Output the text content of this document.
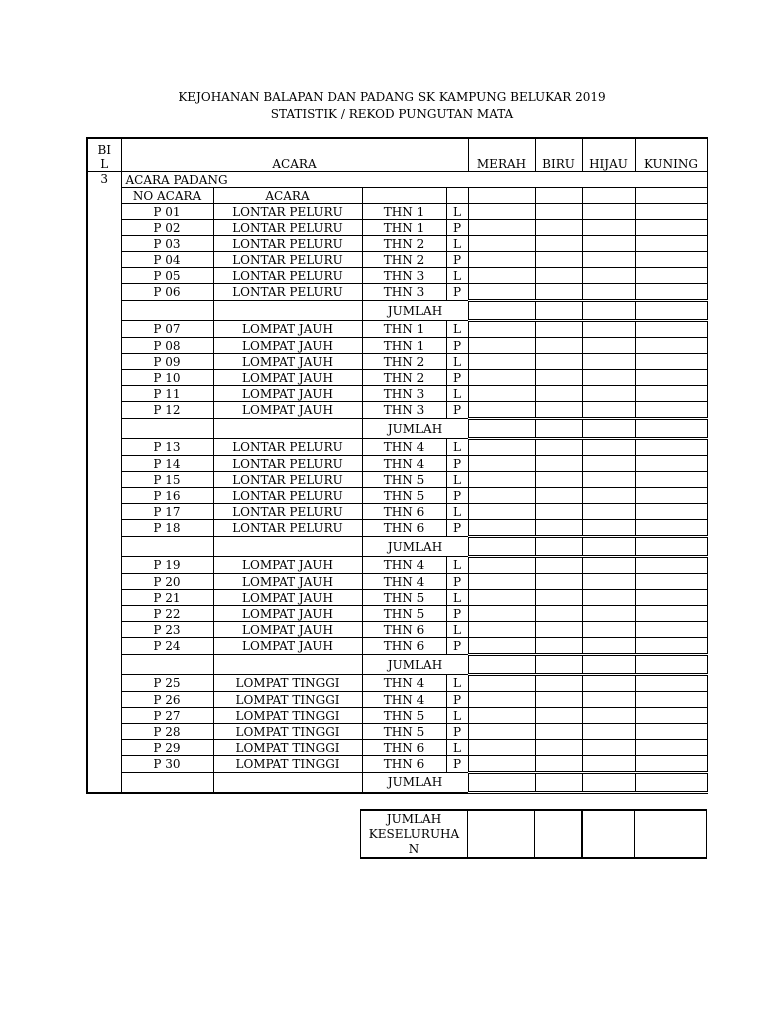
KEJOHANAN BALAPAN DAN PADANG SK KAMPUNG BELUKAR 2019
STATISTIK / REKOD PUNGUTAN MATA
BI
L	ACARA				MERAH	BIRU	HIJAU	KUNING
3	ACARA PADANG							
	NO ACARA	ACARA						
	P 01	LONTAR PELURU	THN 1	L				
	P 02	LONTAR PELURU	THN 1	P				
	P 03	LONTAR PELURU	THN 2	L				
	P 04	LONTAR PELURU	THN 2	P				
	P 05	LONTAR PELURU	THN 3	L				
	P 06	LONTAR PELURU	THN 3	P				
			JUMLAH					
	P 07	LOMPAT JAUH	THN 1	L				
	P 08	LOMPAT JAUH	THN 1	P				
	P 09	LOMPAT JAUH	THN 2	L				
	P 10	LOMPAT JAUH	THN 2	P				
	P 11	LOMPAT JAUH	THN 3	L				
	P 12	LOMPAT JAUH	THN 3	P				
			JUMLAH					
	P 13	LONTAR PELURU	THN 4	L				
	P 14	LONTAR PELURU	THN 4	P				
	P 15	LONTAR PELURU	THN 5	L				
	P 16	LONTAR PELURU	THN 5	P				
	P 17	LONTAR PELURU	THN 6	L				
	P 18	LONTAR PELURU	THN 6	P				
			JUMLAH					
	P 19	LOMPAT JAUH	THN 4	L				
	P 20	LOMPAT JAUH	THN 4	P				
	P 21	LOMPAT JAUH	THN 5	L				
	P 22	LOMPAT JAUH	THN 5	P				
	P 23	LOMPAT JAUH	THN 6	L				
	P 24	LOMPAT JAUH	THN 6	P				
			JUMLAH					
	P 25	LOMPAT TINGGI	THN 4	L				
	P 26	LOMPAT TINGGI	THN 4	P				
	P 27	LOMPAT TINGGI	THN 5	L				
	P 28	LOMPAT TINGGI	THN 5	P				
	P 29	LOMPAT TINGGI	THN 6	L				
	P 30	LOMPAT TINGGI	THN 6	P				
			JUMLAH					
JUMLAH
KESELURUHA
N
